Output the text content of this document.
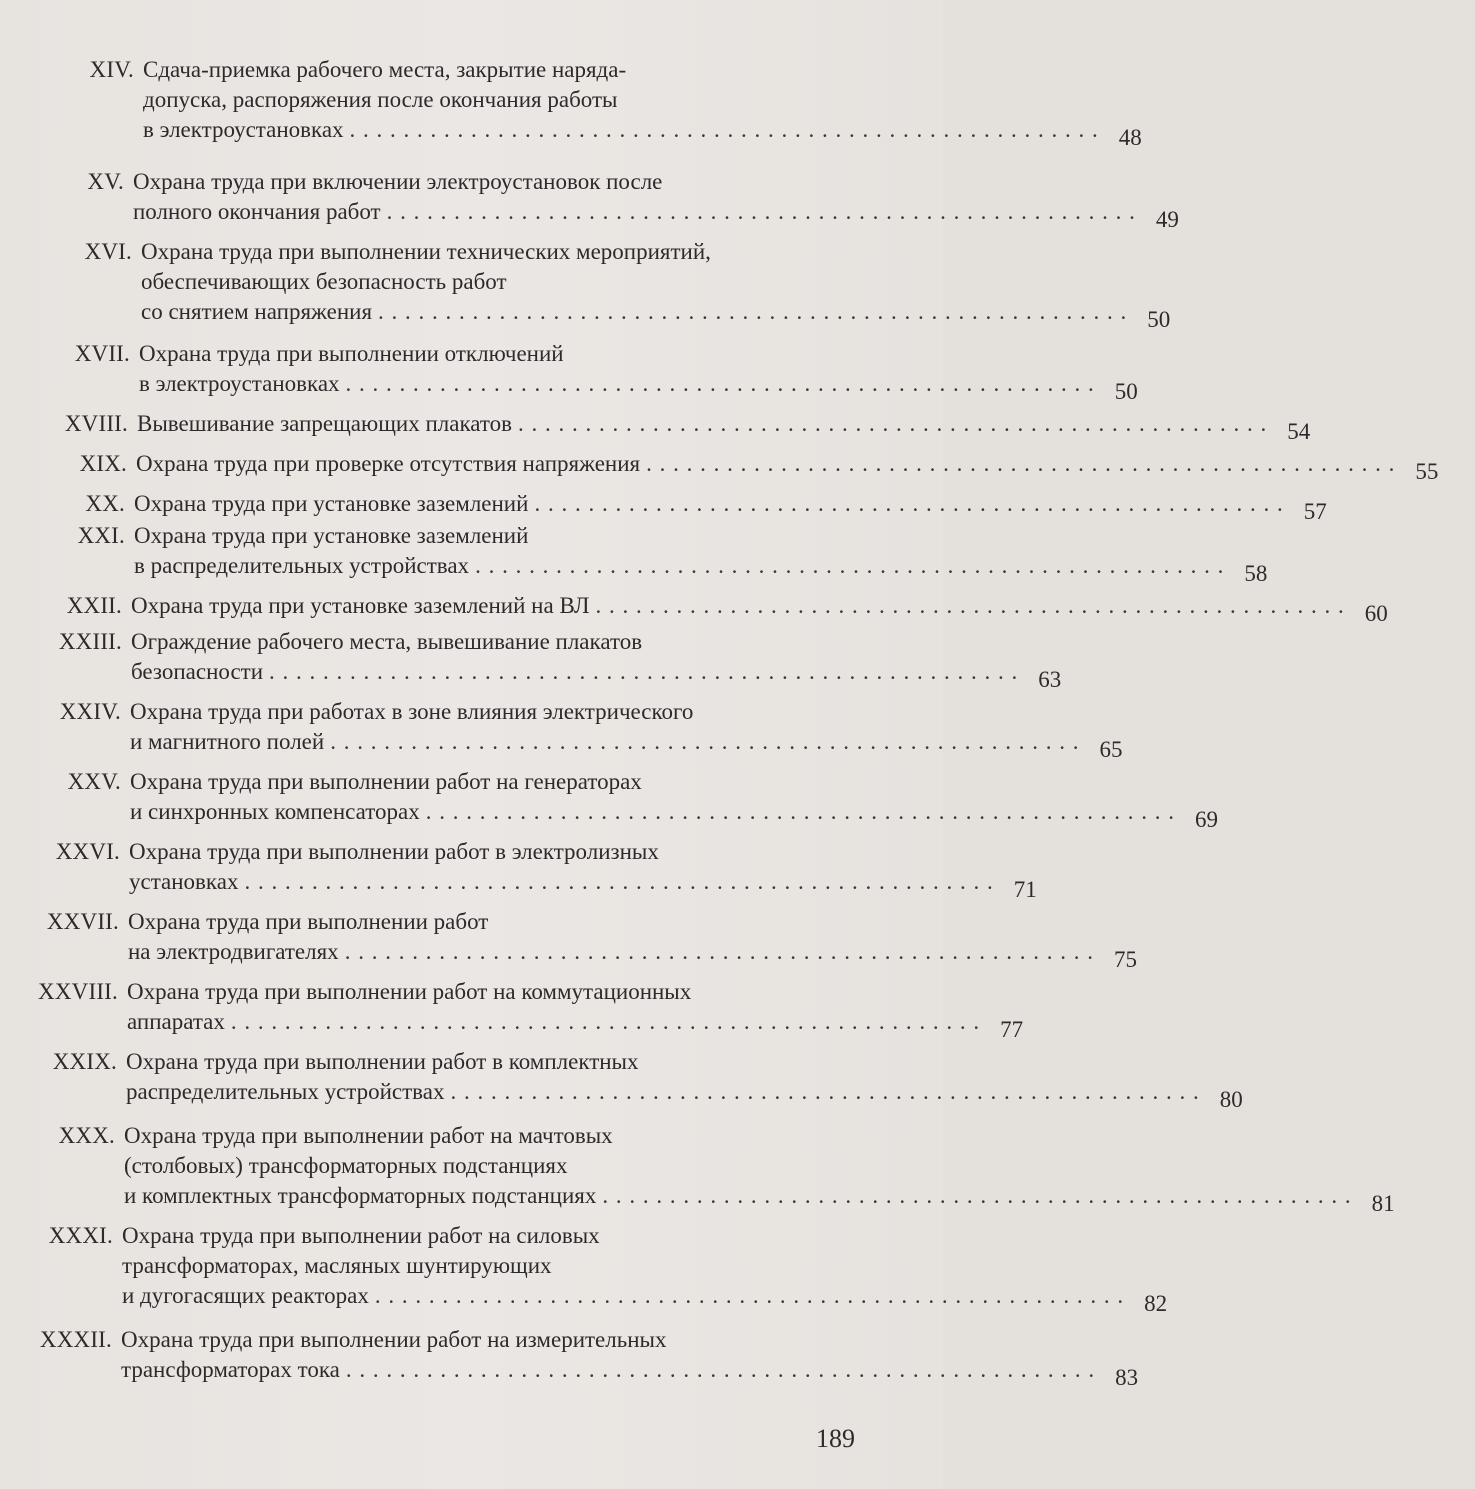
XIV. Сдача-приемка рабочего места, закрытие наряда-
допуска, распоряжения после окончания работы
в электроустановках . . .	48
XV. Охрана труда при включении электроустановок после
полного окончания работ . . .	49
XVI. Охрана труда при выполнении технических мероприятий,
обеспечивающих безопасность работ
со снятием напряжения . . .	50
XVII. Охрана труда при выполнении отключений
в электроустановках . . .	50
XVIII. Вывешивание запрещающих плакатов . . .	54
XIX. Охрана труда при проверке отсутствия напряжения . . .	55
XX. Охрана труда при установке заземлений . . .	57
XXI. Охрана труда при установке заземлений
в распределительных устройствах . . .	58
XXII. Охрана труда при установке заземлений на ВЛ . . .	60
XXIII. Ограждение рабочего места, вывешивание плакатов
безопасности . . .	63
XXIV. Охрана труда при работах в зоне влияния электрического
и магнитного полей . . .	65
XXV. Охрана труда при выполнении работ на генераторах
и синхронных компенсаторах . . .	69
XXVI. Охрана труда при выполнении работ в электролизных
установках . . .	71
XXVII. Охрана труда при выполнении работ
на электродвигателях . . .	75
XXVIII. Охрана труда при выполнении работ на коммутационных
аппаратах . . .	77
XXIX. Охрана труда при выполнении работ в комплектных
распределительных устройствах . . .	80
XXX. Охрана труда при выполнении работ на мачтовых
(столбовых) трансформаторных подстанциях
и комплектных трансформаторных подстанциях . . .	81
XXXI. Охрана труда при выполнении работ на силовых
трансформаторах, масляных шунтирующих
и дугогасящих реакторах . . .	82
XXXII. Охрана труда при выполнении работ на измерительных
трансформаторах тока . . .	83
189
